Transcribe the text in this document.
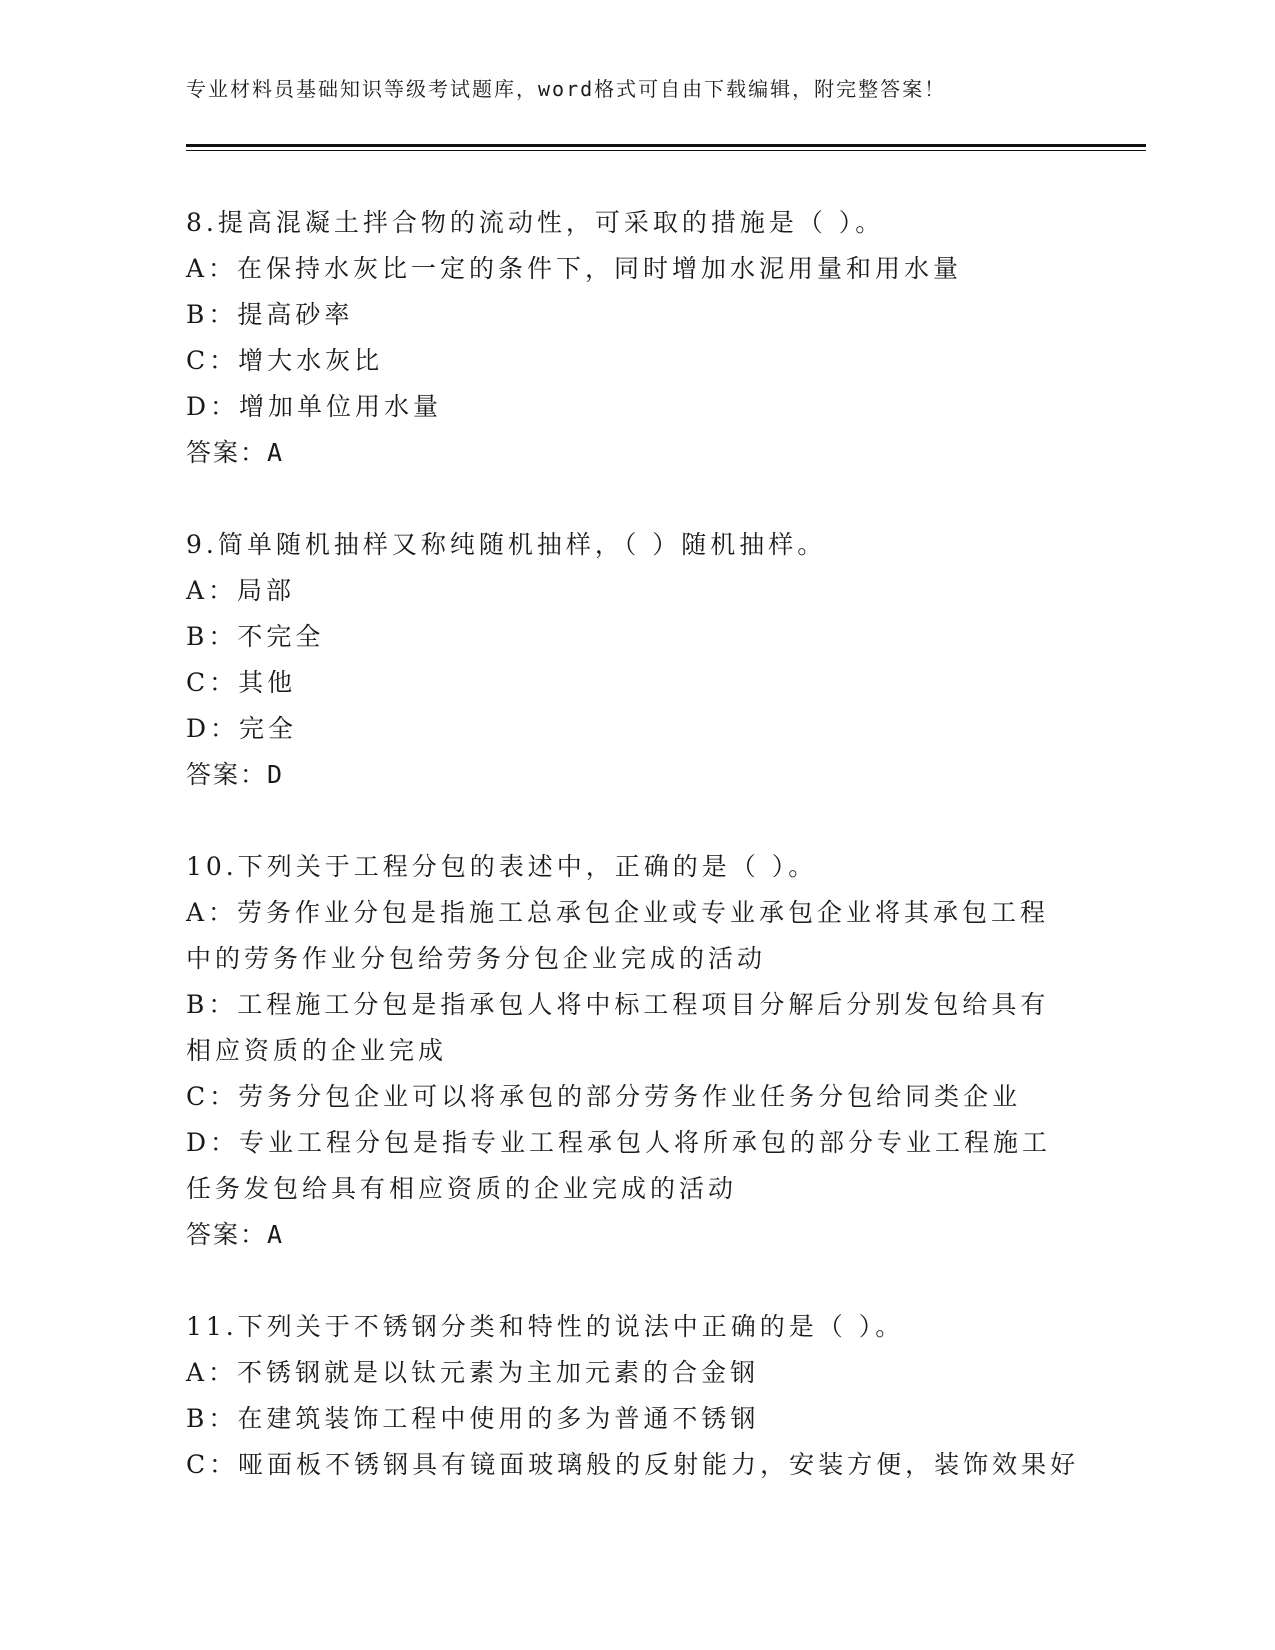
专业材料员基础知识等级考试题库，word格式可自由下载编辑，附完整答案！
8.提高混凝土拌合物的流动性，可采取的措施是（ ）。
A：在保持水灰比一定的条件下，同时增加水泥用量和用水量
B：提高砂率
C：增大水灰比
D：增加单位用水量
答案：A
9.简单随机抽样又称纯随机抽样，（ ）随机抽样。
A：局部
B：不完全
C：其他
D：完全
答案：D
10.下列关于工程分包的表述中，正确的是（ ）。
A：劳务作业分包是指施工总承包企业或专业承包企业将其承包工程中的劳务作业分包给劳务分包企业完成的活动
B：工程施工分包是指承包人将中标工程项目分解后分别发包给具有相应资质的企业完成
C：劳务分包企业可以将承包的部分劳务作业任务分包给同类企业
D：专业工程分包是指专业工程承包人将所承包的部分专业工程施工任务发包给具有相应资质的企业完成的活动
答案：A
11.下列关于不锈钢分类和特性的说法中正确的是（ ）。
A：不锈钢就是以钛元素为主加元素的合金钢
B：在建筑装饰工程中使用的多为普通不锈钢
C：哑面板不锈钢具有镜面玻璃般的反射能力，安装方便，装饰效果好
